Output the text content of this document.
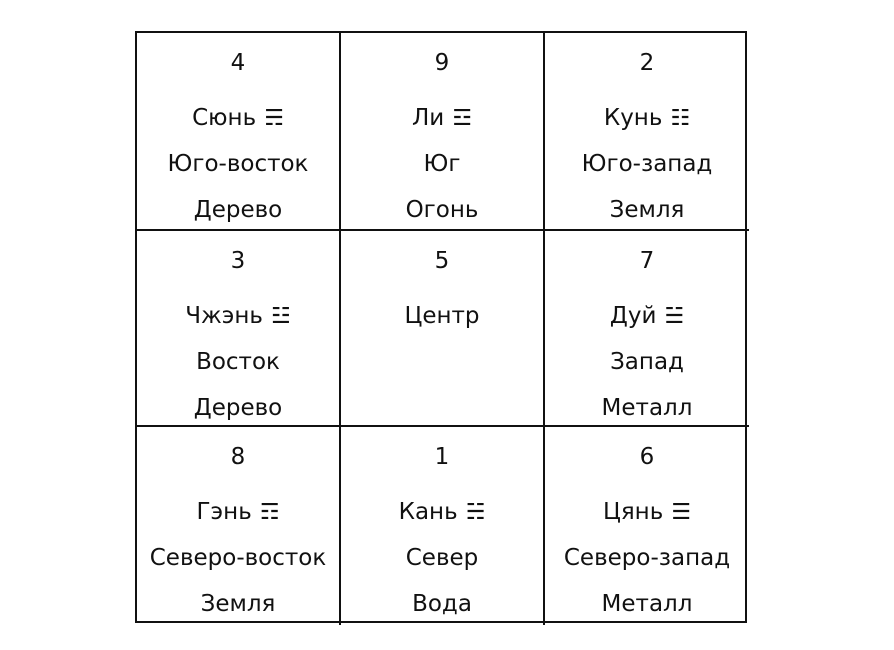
4
Сюнь ☴
Юго-восток
Дерево
9
Ли ☲
Юг
Огонь
2
Кунь ☷
Юго-запад
Земля
3
Чжэнь ☳
Восток
Дерево
5
Центр
7
Дуй ☱
Запад
Металл
8
Гэнь ☶
Северо-восток
Земля
1
Кань ☵
Север
Вода
6
Цянь ☰
Северо-запад
Металл
